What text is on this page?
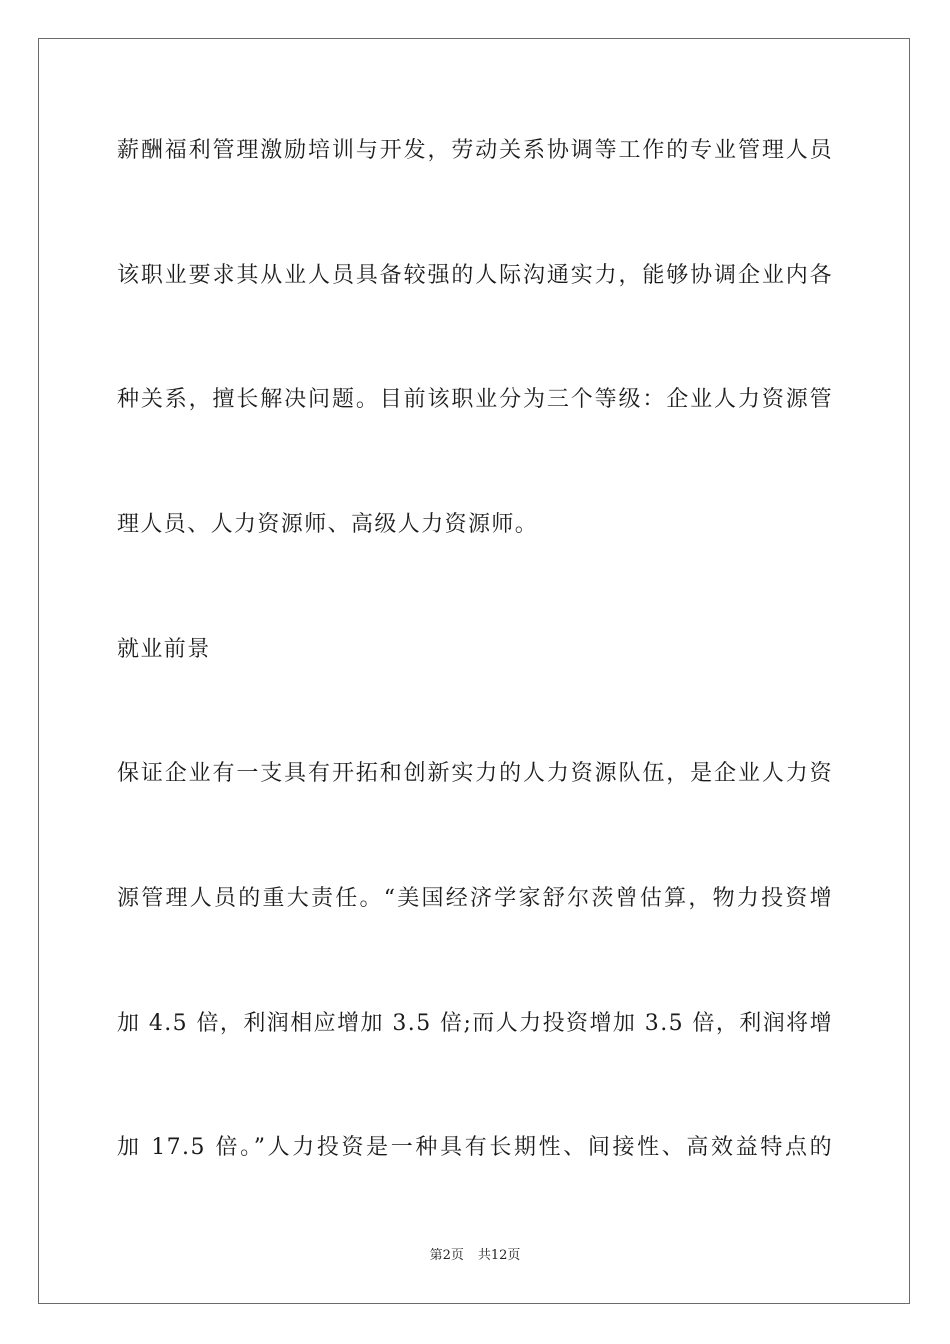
薪酬福利管理激励培训与开发，劳动关系协调等工作的专业管理人员
该职业要求其从业人员具备较强的人际沟通实力，能够协调企业内各
种关系，擅长解决问题。目前该职业分为三个等级：企业人力资源管
理人员、人力资源师、高级人力资源师。
就业前景
保证企业有一支具有开拓和创新实力的人力资源队伍，是企业人力资
源管理人员的重大责任。“美国经济学家舒尔茨曾估算，物力投资增
加 4.5 倍，利润相应增加 3.5 倍;而人力投资增加 3.5 倍，利润将增
加 17.5 倍。”人力投资是一种具有长期性、间接性、高效益特点的
第2页 共12页
